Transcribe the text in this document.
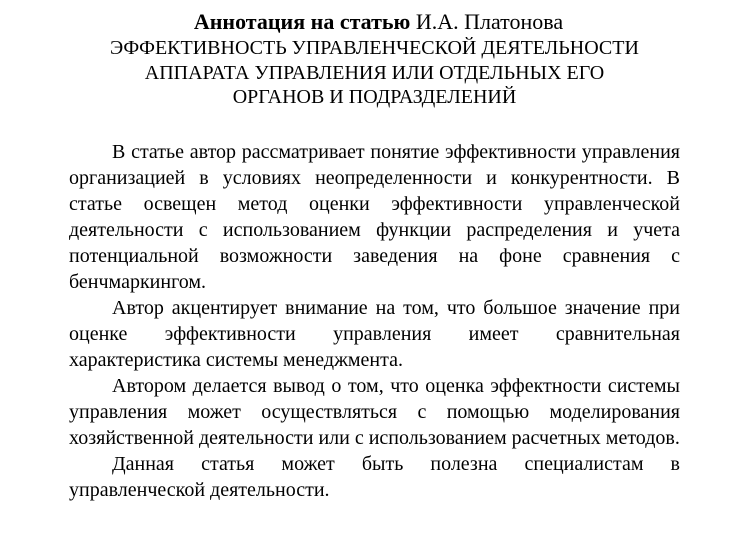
Аннотация на статью И.А. Платонова
ЭФФЕКТИВНОСТЬ УПРАВЛЕНЧЕСКОЙ ДЕЯТЕЛЬНОСТИ
АППАРАТА УПРАВЛЕНИЯ ИЛИ ОТДЕЛЬНЫХ ЕГО
ОРГАНОВ И ПОДРАЗДЕЛЕНИЙ

В статье автор рассматривает понятие эффективности управления организацией в условиях неопределенности и конкурентности. В статье освещен метод оценки эффективности управленческой деятельности с использованием функции распределения и учета потенциальной возможности заведения на фоне сравнения с бенчмаркингом.

Автор акцентирует внимание на том, что большое значение при оценке эффективности управления имеет сравнительная характеристика системы менеджмента.

Автором делается вывод о том, что оценка эффектности системы управления может осуществляться с помощью моделирования хозяйственной деятельности или с использованием расчетных методов.

Данная статья может быть полезна специалистам в управленческой деятельности.
